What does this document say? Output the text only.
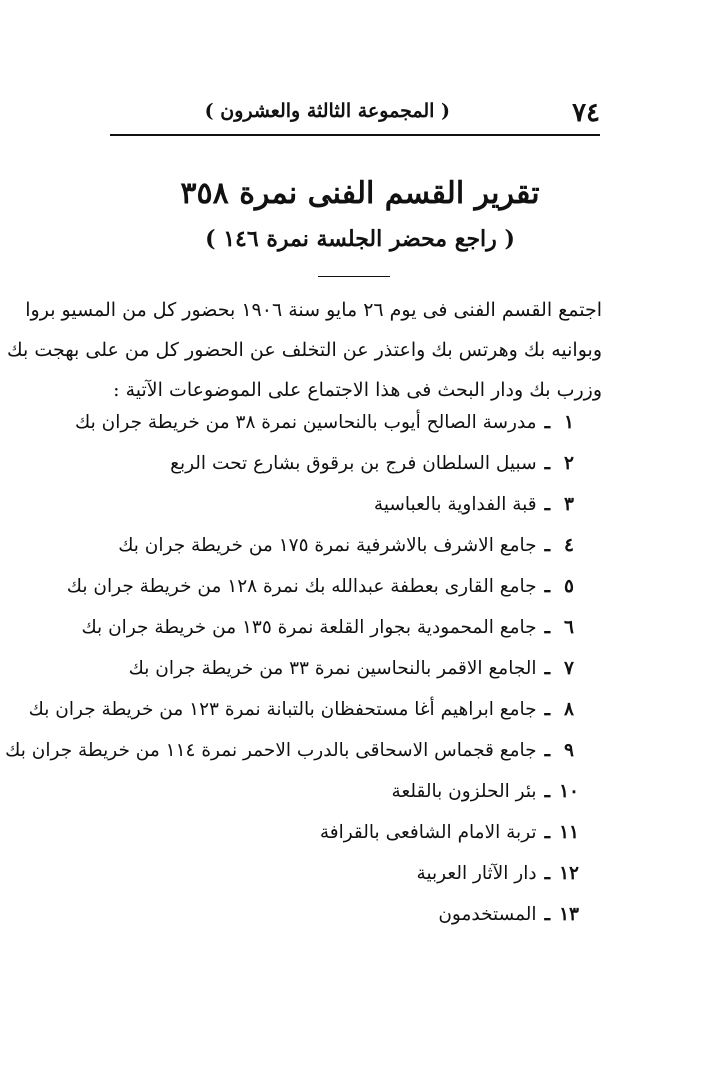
٧٤
( المجموعة الثالثة والعشرون )
تقرير القسم الفنى نمرة ٣٥٨
( راجع محضر الجلسة نمرة ١٤٦ )
اجتمع القسم الفنى فى يوم ٢٦ مايو سنة ١٩٠٦ بحضور كل من المسيو بروا
وبوانيه بك وهرتس بك واعتذر عن التخلف عن الحضور كل من على بهجت بك
وزرب بك ودار البحث فى هذا الاجتماع على الموضوعات الآتية :
١
ـ
مدرسة الصالح أيوب بالنحاسين نمرة ٣٨ من خريطة جران بك
٢
ـ
سبيل السلطان فرج بن برقوق بشارع تحت الربع
٣
ـ
قبة الفداوية بالعباسية
٤
ـ
جامع الاشرف بالاشرفية نمرة ١٧٥ من خريطة جران بك
٥
ـ
جامع القارى بعطفة عبدالله بك نمرة ١٢٨ من خريطة جران بك
٦
ـ
جامع المحمودية بجوار القلعة نمرة ١٣٥ من خريطة جران بك
٧
ـ
الجامع الاقمر بالنحاسين نمرة ٣٣ من خريطة جران بك
٨
ـ
جامع ابراهيم أغا مستحفظان بالتبانة نمرة ١٢٣ من خريطة جران بك
٩
ـ
جامع قجماس الاسحاقى بالدرب الاحمر نمرة ١١٤ من خريطة جران بك
١٠
ـ
بئر الحلزون بالقلعة
١١
ـ
تربة الامام الشافعى بالقرافة
١٢
ـ
دار الآثار العربية
١٣
ـ
المستخدمون
